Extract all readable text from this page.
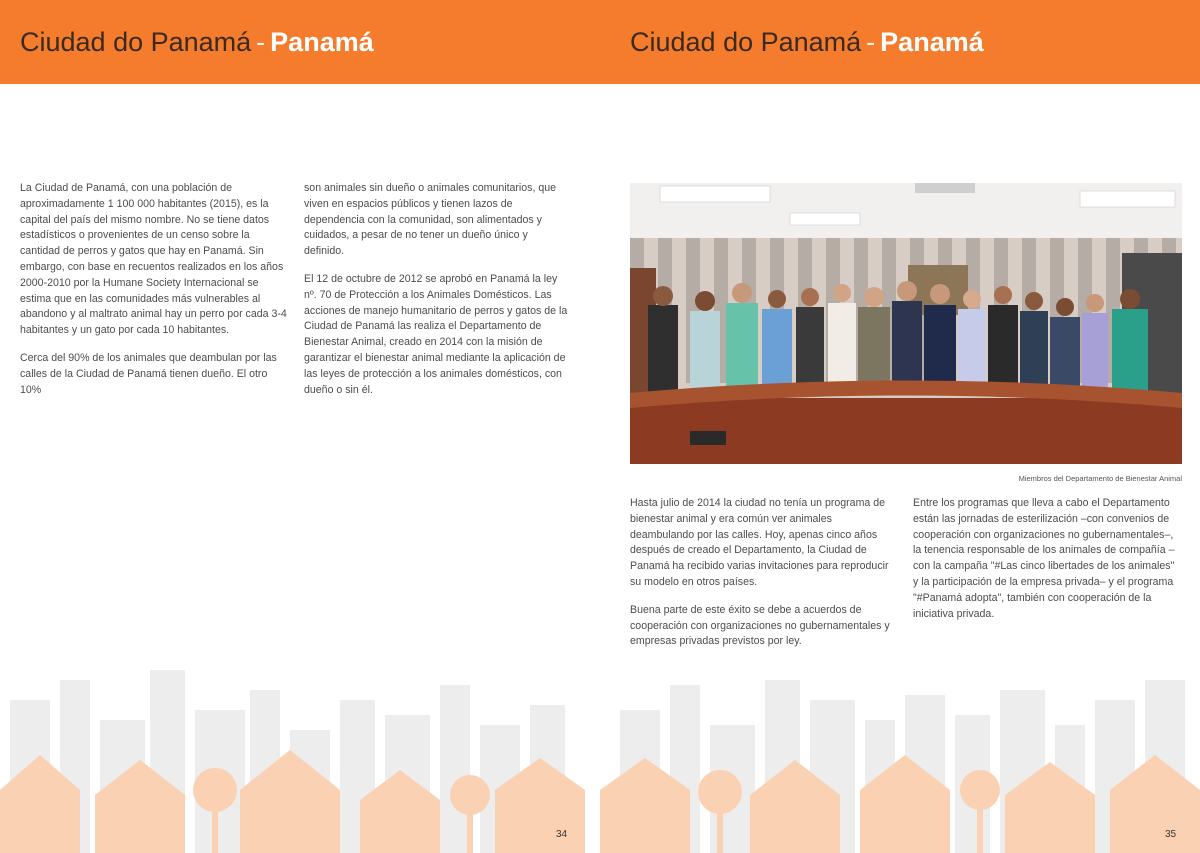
Ciudad do Panamá - Panamá	Ciudad do Panamá - Panamá

La Ciudad de Panamá, con una población de aproximadamente 1 100 000 habitantes (2015), es la capital del país del mismo nombre. No se tiene datos estadísticos o provenientes de un censo sobre la cantidad de perros y gatos que hay en Panamá. Sin embargo, con base en recuentos realizados en los años 2000-2010 por la Humane Society Internacional se estima que en las comunidades más vulnerables al abandono y al maltrato animal hay un perro por cada 3-4 habitantes y un gato por cada 10 habitantes.

Cerca del 90% de los animales que deambulan por las calles de la Ciudad de Panamá tienen dueño. El otro 10%

son animales sin dueño o animales comunitarios, que viven en espacios públicos y tienen lazos de dependencia con la comunidad, son alimentados y cuidados, a pesar de no tener un dueño único y definido.

El 12 de octubre de 2012 se aprobó en Panamá la ley nº. 70 de Protección a los Animales Domésticos. Las acciones de manejo humanitario de perros y gatos de la Ciudad de Panamá las realiza el Departamento de Bienestar Animal, creado en 2014 con la misión de garantizar el bienestar animal mediante la aplicación de las leyes de protección a los animales domésticos, con dueño o sin él.

Miembros del Departamento de Bienestar Animal

Hasta julio de 2014 la ciudad no tenía un programa de bienestar animal y era común ver animales deambulando por las calles. Hoy, apenas cinco años después de creado el Departamento, la Ciudad de Panamá ha recibido varias invitaciones para reproducir su modelo en otros países.

Buena parte de este éxito se debe a acuerdos de cooperación con organizaciones no gubernamentales y empresas privadas previstos por ley.

Entre los programas que lleva a cabo el Departamento están las jornadas de esterilización –con convenios de cooperación con organizaciones no gubernamentales–, la tenencia responsable de los animales de compañía –con la campaña "#Las cinco libertades de los animales" y la participación de la empresa privada– y el programa "#Panamá adopta", también con cooperación de la iniciativa privada.

34	35
